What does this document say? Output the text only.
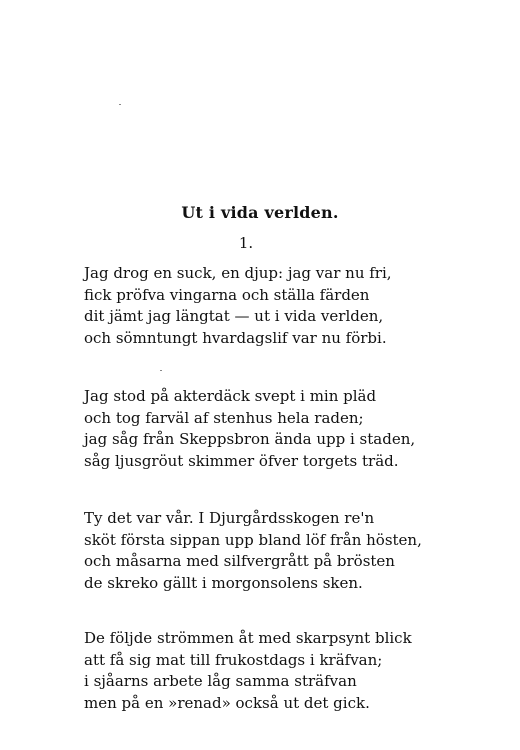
Ut i vida verlden.

1.

Jag drog en suck, en djup: jag var nu fri,
fick pröfva vingarna och ställa färden
dit jämt jag längtat — ut i vida verlden,
och sömntungt hvardagslif var nu förbi.

Jag stod på akterdäck svept i min pläd
och tog farväl af stenhus hela raden;
jag såg från Skeppsbron ända upp i staden,
såg ljusgröut skimmer öfver torgets träd.

Ty det var vår. I Djurgårdsskogen re'n
sköt första sippan upp bland löf från hösten,
och måsarna med silfvergrått på brösten
de skreko gällt i morgonsolens sken.

De följde strömmen åt med skarpsynt blick
att få sig mat till frukostdags i kräfvan;
i sjåarns arbete låg samma sträfvan
men på en »renad» också ut det gick.
